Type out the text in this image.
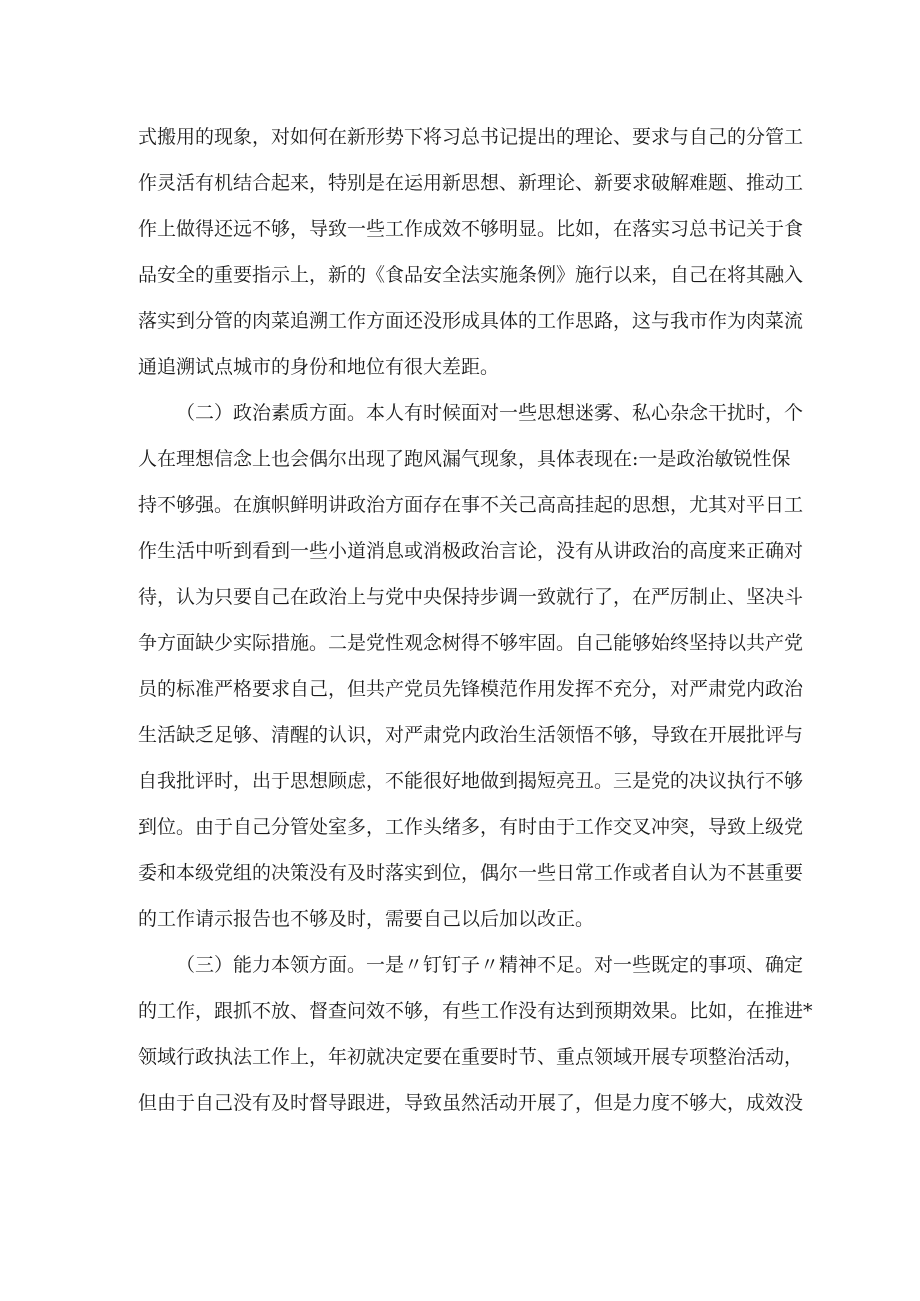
式搬用的现象，对如何在新形势下将习总书记提出的理论、要求与自己的分管工
作灵活有机结合起来，特别是在运用新思想、新理论、新要求破解难题、推动工
作上做得还远不够，导致一些工作成效不够明显。比如，在落实习总书记关于食
品安全的重要指示上，新的《食品安全法实施条例》施行以来，自己在将其融入
落实到分管的肉菜追溯工作方面还没形成具体的工作思路，这与我市作为肉菜流
通追溯试点城市的身份和地位有很大差距。
（二）政治素质方面。本人有时候面对一些思想迷雾、私心杂念干扰时，个
人在理想信念上也会偶尔出现了跑风漏气现象，具体表现在:一是政治敏锐性保
持不够强。在旗帜鲜明讲政治方面存在事不关己高高挂起的思想，尤其对平日工
作生活中听到看到一些小道消息或消极政治言论，没有从讲政治的高度来正确对
待，认为只要自己在政治上与党中央保持步调一致就行了，在严厉制止、坚决斗
争方面缺少实际措施。二是党性观念树得不够牢固。自己能够始终坚持以共产党
员的标准严格要求自己，但共产党员先锋模范作用发挥不充分，对严肃党内政治
生活缺乏足够、清醒的认识，对严肃党内政治生活领悟不够，导致在开展批评与
自我批评时，出于思想顾虑，不能很好地做到揭短亮丑。三是党的决议执行不够
到位。由于自己分管处室多，工作头绪多，有时由于工作交叉冲突，导致上级党
委和本级党组的决策没有及时落实到位，偶尔一些日常工作或者自认为不甚重要
的工作请示报告也不够及时，需要自己以后加以改正。
（三）能力本领方面。一是〃钉钉子〃精神不足。对一些既定的事项、确定
的工作，跟抓不放、督查问效不够，有些工作没有达到预期效果。比如，在推进*
领域行政执法工作上，年初就决定要在重要时节、重点领域开展专项整治活动，
但由于自己没有及时督导跟进，导致虽然活动开展了，但是力度不够大，成效没
